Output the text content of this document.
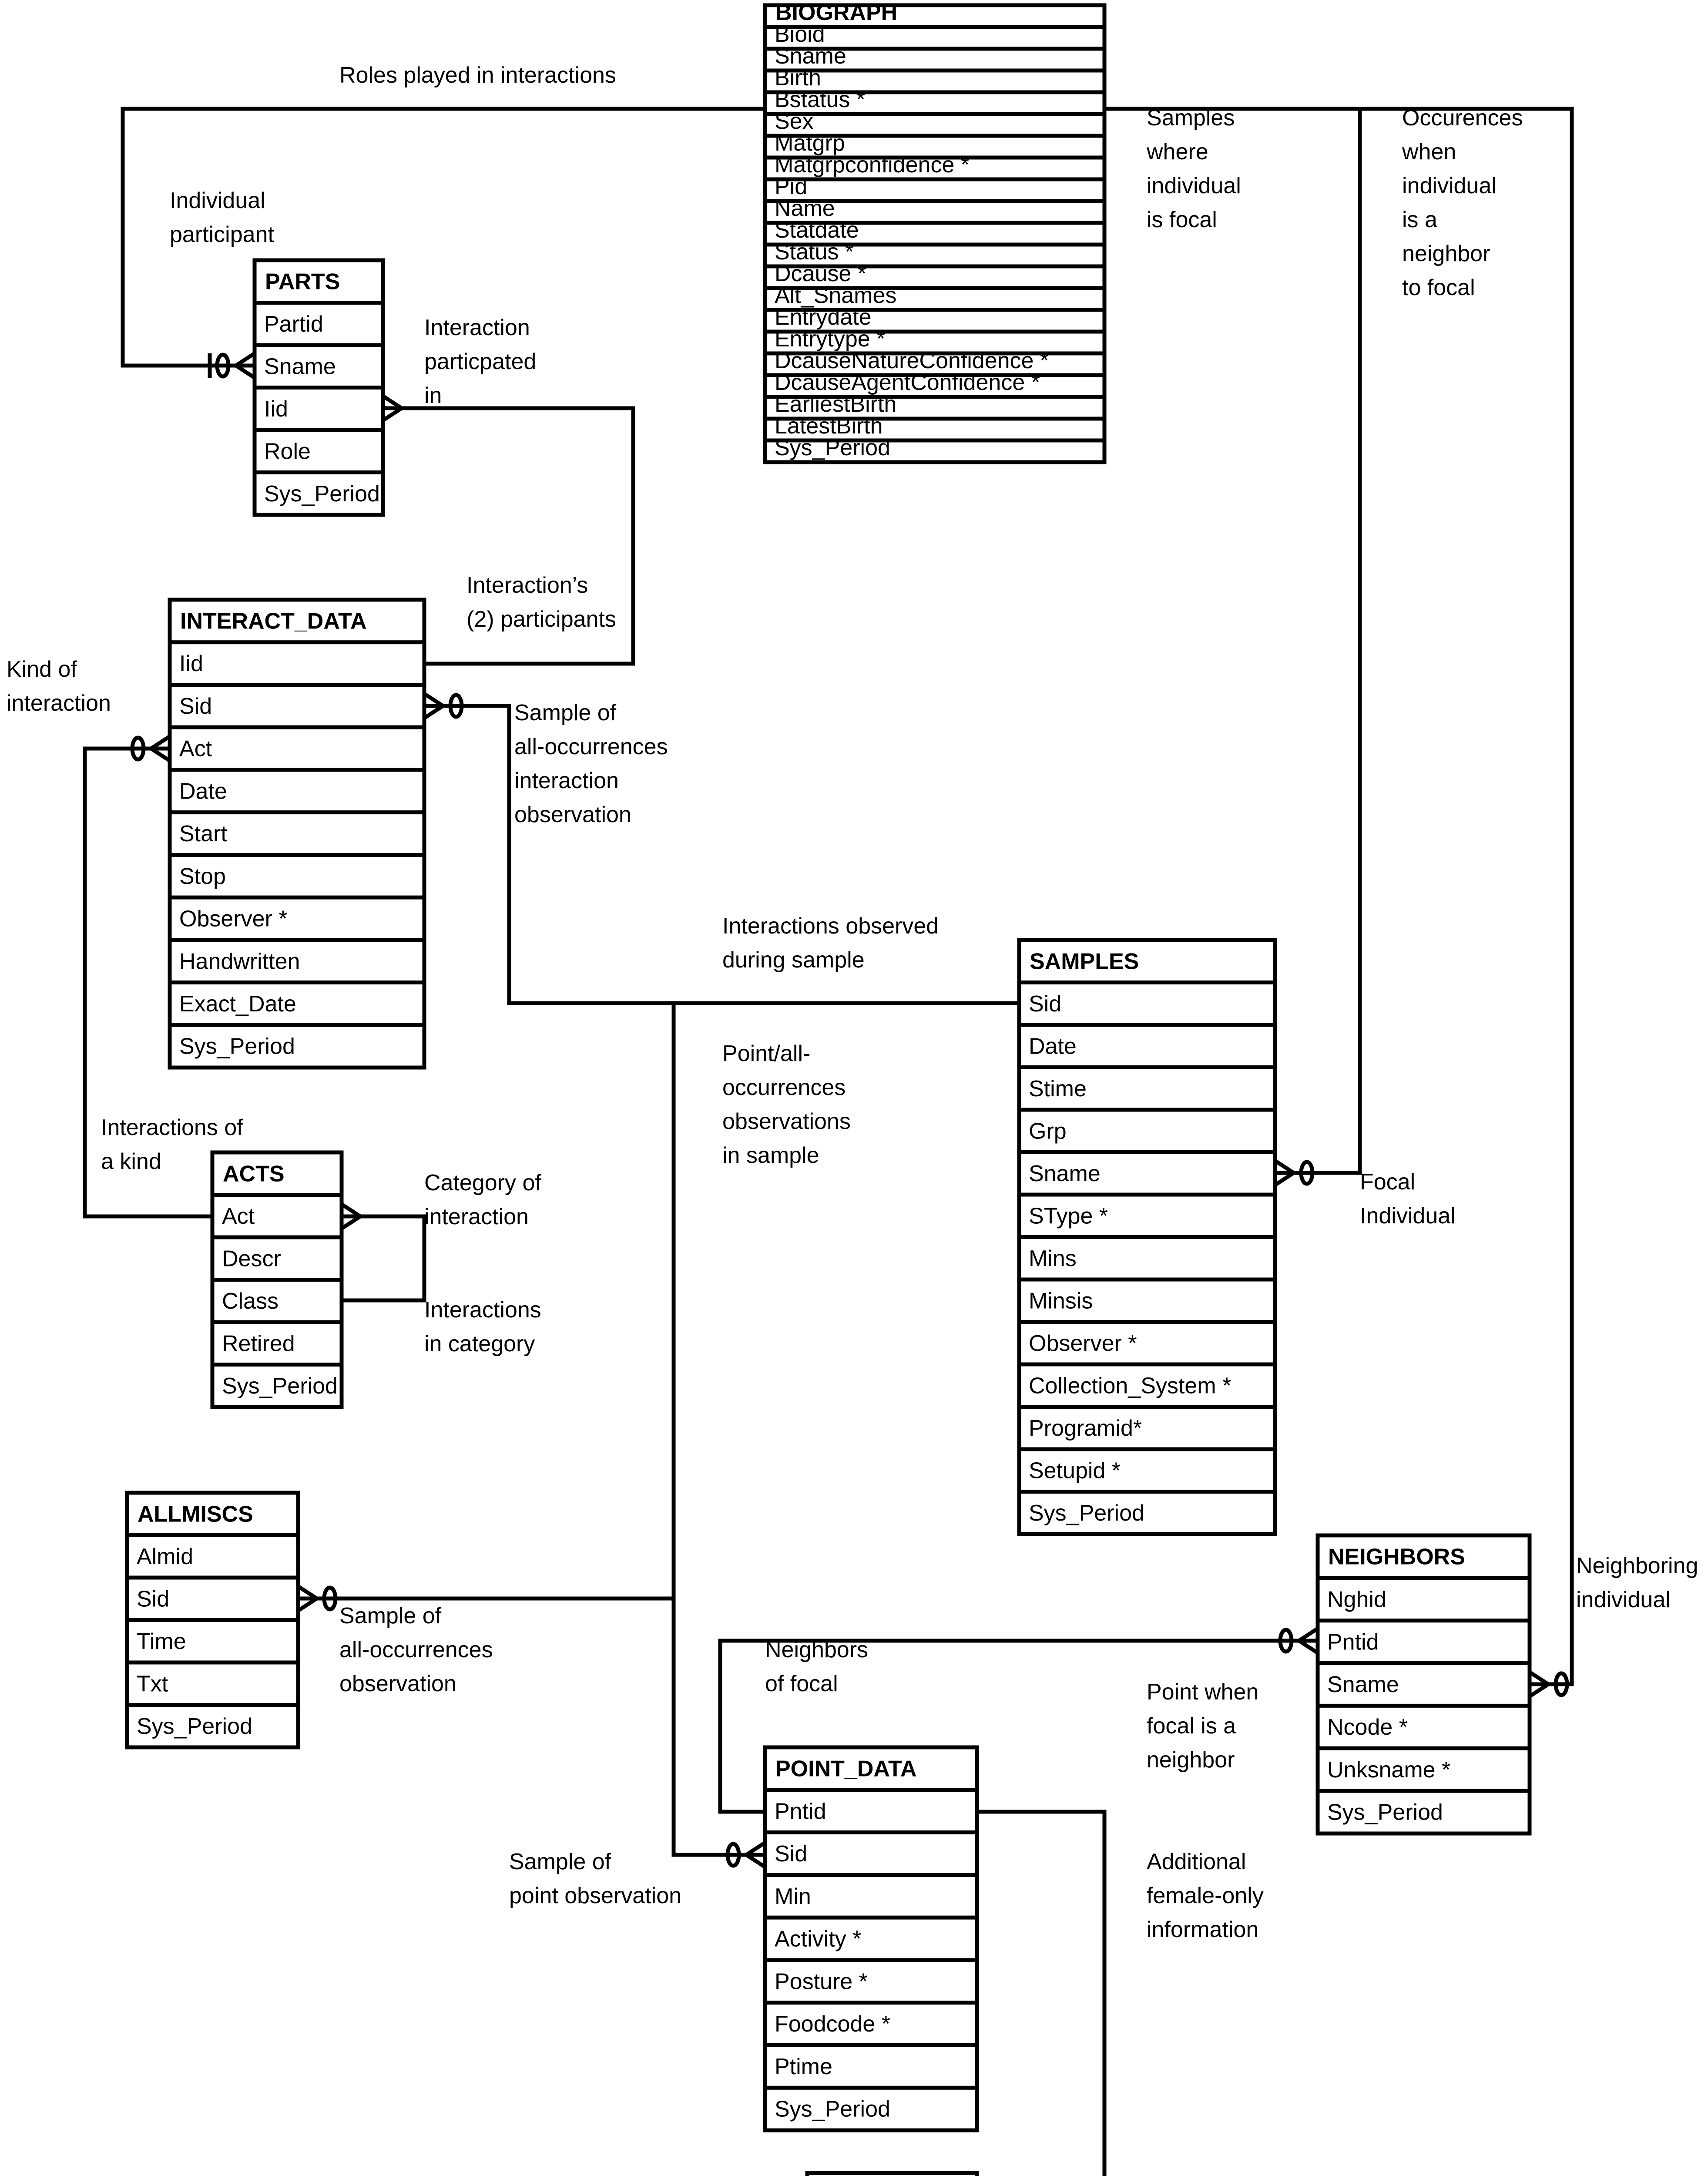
BIOGRAPH
Bioid
Sname
Birth
Bstatus *
Sex
Matgrp
Matgrpconfidence *
Pid
Name
Statdate
Status *
Dcause *
Alt_Snames
Entrydate
Entrytype *
DcauseNatureConfidence *
DcauseAgentConfidence *
EarliestBirth
LatestBirth
Sys_Period
PARTS
Partid
Sname
Iid
Role
Sys_Period
INTERACT_DATA
Iid
Sid
Act
Date
Start
Stop
Observer *
Handwritten
Exact_Date
Sys_Period
ACTS
Act
Descr
Class
Retired
Sys_Period
SAMPLES
Sid
Date
Stime
Grp
Sname
SType *
Mins
Minsis
Observer *
Collection_System *
Programid*
Setupid *
Sys_Period
ALLMISCS
Almid
Sid
Time
Txt
Sys_Period
NEIGHBORS
Nghid
Pntid
Sname
Ncode *
Unksname *
Sys_Period
POINT_DATA
Pntid
Sid
Min
Activity *
Posture *
Foodcode *
Ptime
Sys_Period
Roles played in interactions
Individual participant
Interaction particpated in
Interaction’s (2) participants
Kind of interaction	Sample of all-occurrences interaction observation
Samples where individual is focal
Occurences when individual is a neighbor to focal
Interactions observed during sample
Point/all-occurrences observations in sample
Interactions of a kind
Category of interaction
Interactions in category
Focal Individual
Sample of all-occurrences observation
Neighboring individual
Neighbors of focal	Point when focal is a neighbor
Sample of point observation
Additional female-only information
